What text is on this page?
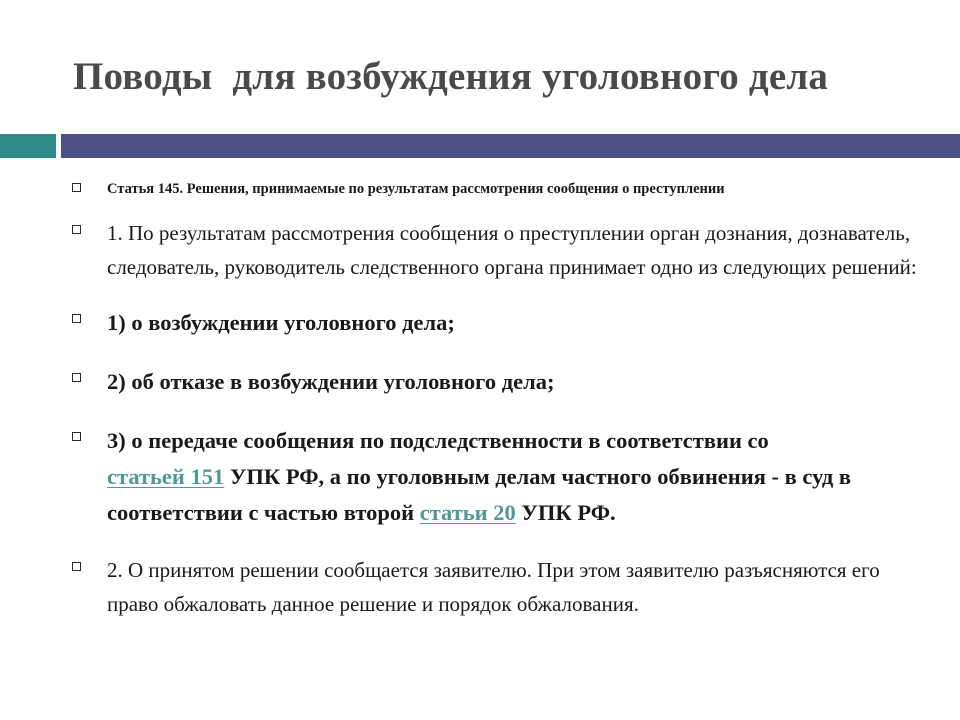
Поводы  для возбуждения уголовного дела
Статья 145. Решения, принимаемые по результатам рассмотрения сообщения о преступлении
1. По результатам рассмотрения сообщения о преступлении орган дознания, дознаватель, следователь, руководитель следственного органа принимает одно из следующих решений:
1) о возбуждении уголовного дела;
2) об отказе в возбуждении уголовного дела;
3) о передаче сообщения по подследственности в соответствии со
статьей 151 УПК РФ, а по уголовным делам частного обвинения - в суд в соответствии с частью второй статьи 20 УПК РФ.
2. О принятом решении сообщается заявителю. При этом заявителю разъясняются его право обжаловать данное решение и порядок обжалования.
